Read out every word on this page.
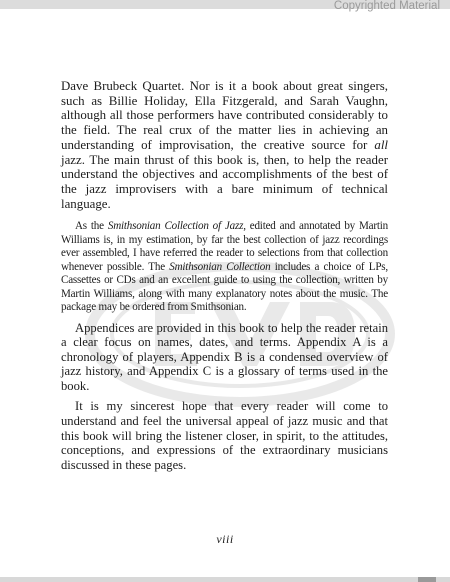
Copyrighted Material

Dave Brubeck Quartet. Nor is it a book about great singers, such as Billie Holiday, Ella Fitzgerald, and Sarah Vaughn, although all those performers have contributed considerably to the field. The real crux of the matter lies in achieving an understanding of improvisation, the creative source for all jazz. The main thrust of this book is, then, to help the reader understand the objectives and accomplishments of the best of the jazz improvisers with a bare minimum of technical language.

As the Smithsonian Collection of Jazz, edited and annotated by Martin Williams is, in my estimation, by far the best collection of jazz recordings ever assembled, I have referred the reader to selections from that collection whenever possible. The Smithsonian Collection includes a choice of LPs, Cassettes or CDs and an excellent guide to using the collection, written by Martin Williams, along with many explanatory notes about the music. The package may be ordered from Smithsonian.

Appendices are provided in this book to help the reader retain a clear focus on names, dates, and terms. Appendix A is a chronology of players, Appendix B is a condensed overview of jazz history, and Appendix C is a glossary of terms used in the book.

It is my sincerest hope that every reader will come to understand and feel the universal appeal of jazz music and that this book will bring the listener closer, in spirit, to the attitudes, conceptions, and expressions of the extraordinary musicians discussed in these pages.

viii
